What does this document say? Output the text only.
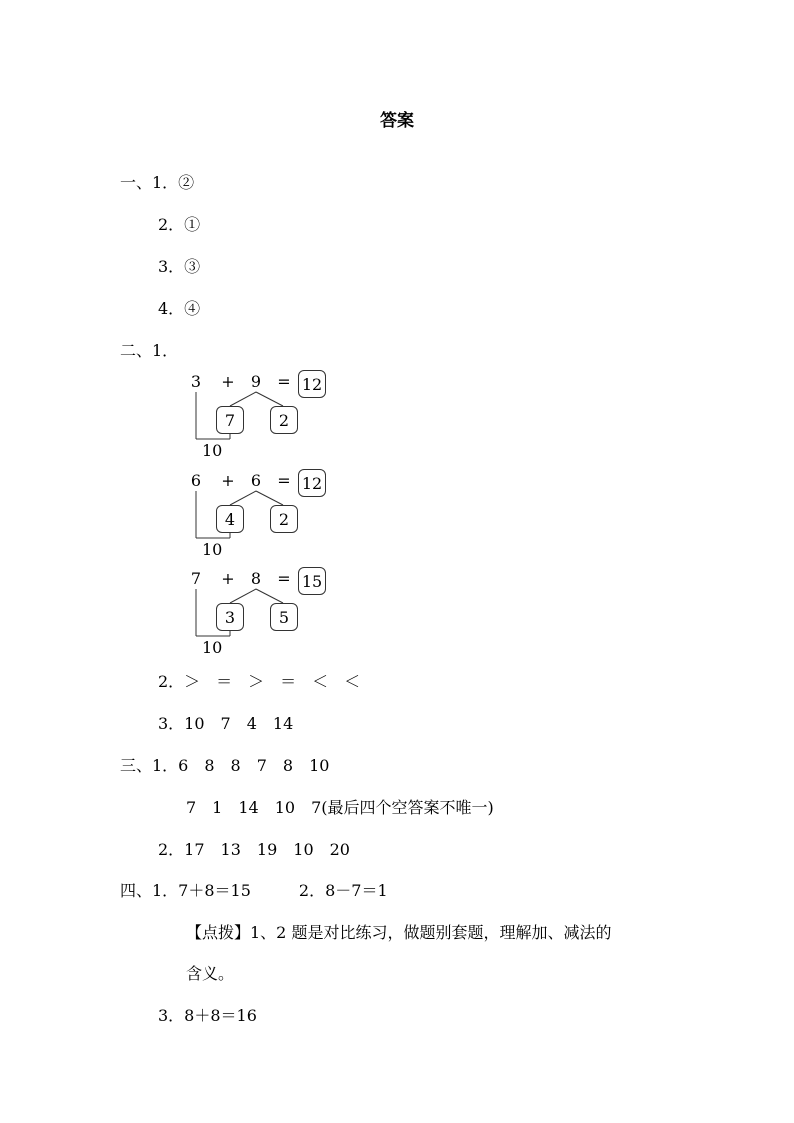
答案
一、1．②
2．①
3．③
4．④
二、1．
3	+	9	= 12
7	2
10
6	+	6	= 12
4	2
10
7	+	8	= 15
3	5
10
2．＞　＝　＞　＝　＜　＜
3．10　7　4　14
三、1．6　8　8　7　8　10
7　1　14　10　7(最后四个空答案不唯一)
2．17　13　19　10　20
四、1．7＋8＝15　　　2．8－7＝1
【点拨】1、2 题是对比练习，做题别套题，理解加、减法的
含义。
3．8＋8＝16
